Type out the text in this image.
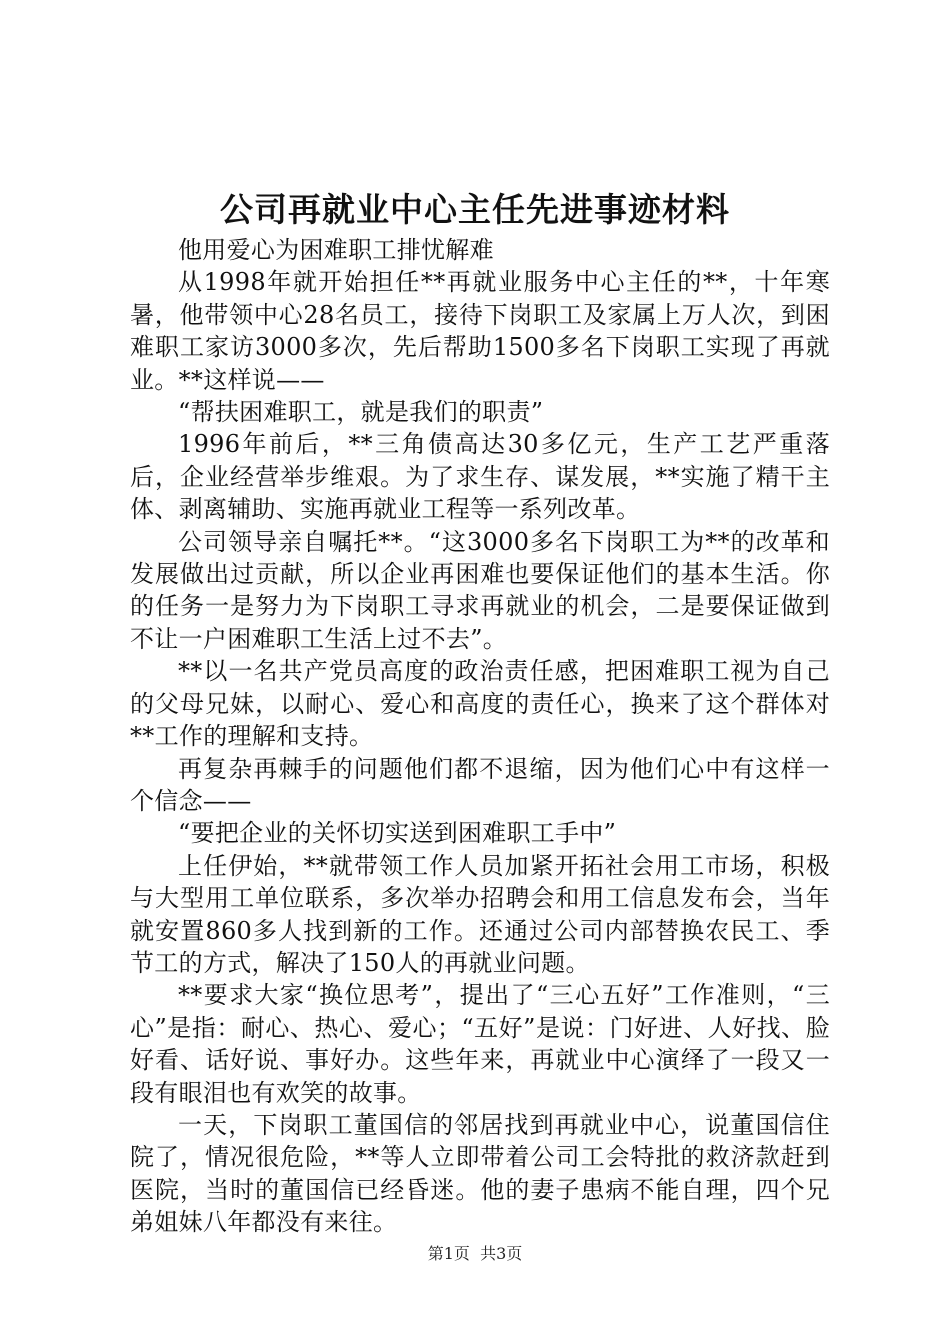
公司再就业中心主任先进事迹材料

他用爱心为困难职工排忧解难

从1998年就开始担任**再就业服务中心主任的**，十年寒暑，他带领中心28名员工，接待下岗职工及家属上万人次，到困难职工家访3000多次，先后帮助1500多名下岗职工实现了再就业。**这样说——

“帮扶困难职工，就是我们的职责”

1996年前后，**三角债高达30多亿元，生产工艺严重落后，企业经营举步维艰。为了求生存、谋发展，**实施了精干主体、剥离辅助、实施再就业工程等一系列改革。

公司领导亲自嘱托**。“这3000多名下岗职工为**的改革和发展做出过贡献，所以企业再困难也要保证他们的基本生活。你的任务一是努力为下岗职工寻求再就业的机会，二是要保证做到不让一户困难职工生活上过不去”。

**以一名共产党员高度的政治责任感，把困难职工视为自己的父母兄妹，以耐心、爱心和高度的责任心，换来了这个群体对**工作的理解和支持。

再复杂再棘手的问题他们都不退缩，因为他们心中有这样一个信念——

“要把企业的关怀切实送到困难职工手中”

上任伊始，**就带领工作人员加紧开拓社会用工市场，积极与大型用工单位联系，多次举办招聘会和用工信息发布会，当年就安置860多人找到新的工作。还通过公司内部替换农民工、季节工的方式，解决了150人的再就业问题。

**要求大家“换位思考”，提出了“三心五好”工作准则，“三心”是指：耐心、热心、爱心；“五好”是说：门好进、人好找、脸好看、话好说、事好办。这些年来，再就业中心演绎了一段又一段有眼泪也有欢笑的故事。

一天，下岗职工董国信的邻居找到再就业中心，说董国信住院了，情况很危险，**等人立即带着公司工会特批的救济款赶到医院，当时的董国信已经昏迷。他的妻子患病不能自理，四个兄弟姐妹八年都没有来往。

第1页  共3页
